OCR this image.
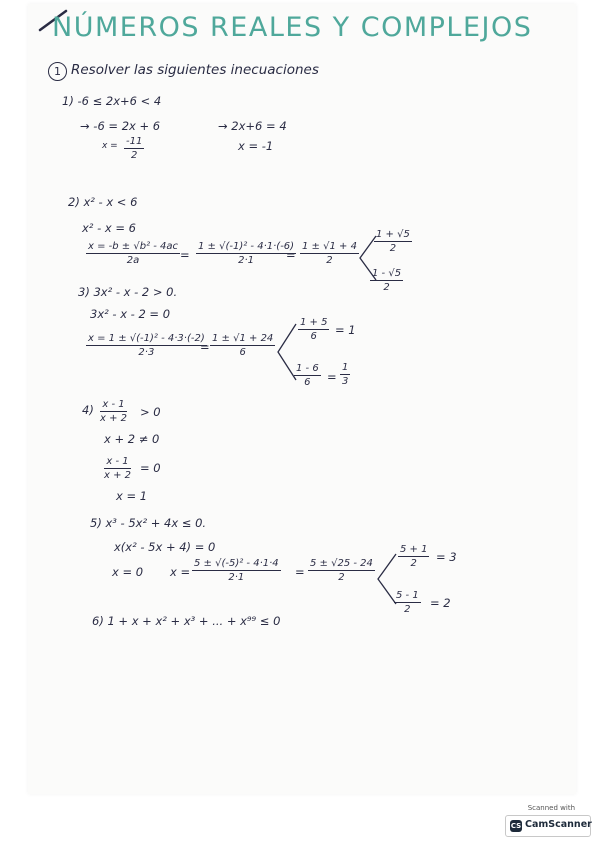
NÚMEROS REALES Y COMPLEJOS
1 Resolver las siguientes inecuaciones
1) -6 ≤ 2x+6 < 4
→ -6 = 2x + 6
$x = \frac{-11}{2}$
→ 2x+6 = 4
x = -1
2) x² - x < 6
x² - x = 6
$\frac{\text{x = -b ± √b² - 4ac}}{2a} = \frac{\text{1 ± √(-1)² - 4·1·(-6)}}{2\cdot 1}$
= $\frac{1 \pm √1 + 4}{2} \frac{1 + √5}{2}$
$\frac{1 - √5}{2}$
3) 3x² - x - 2 > 0.
3x² - x - 2 = 0
$\frac{\text{x = 1 ± √(-1)² - 4·3·(-2)}}{2\cdot 3}$
= $\frac{1 \pm √1 + 24}{6}$
$\frac{1 + 5}{6} = 1$
$\frac{1 - 6}{6} = \frac{1}{3}$
$4) \frac{x - 1}{x + 2} > 0$
x + 2 ≠ 0
$\frac{x - 1}{x + 2} = 0$
x = 1
5) x³ - 5x² + 4x ≤ 0.
x(x² - 5x + 4) = 0
x = 0 $x = \frac{\text{5 ± √(-5)² - 4·1·4}}{2\cdot 1} = \frac{5 \pm √25 - 24}{2}$
$\frac{5 + 1}{2} = 3$
$\frac{5 - 1}{2} = 2$
6) 1 + x + x² + x³ + ... + x⁹⁹ ≤ 0
Scanned with
CS CamScanner
